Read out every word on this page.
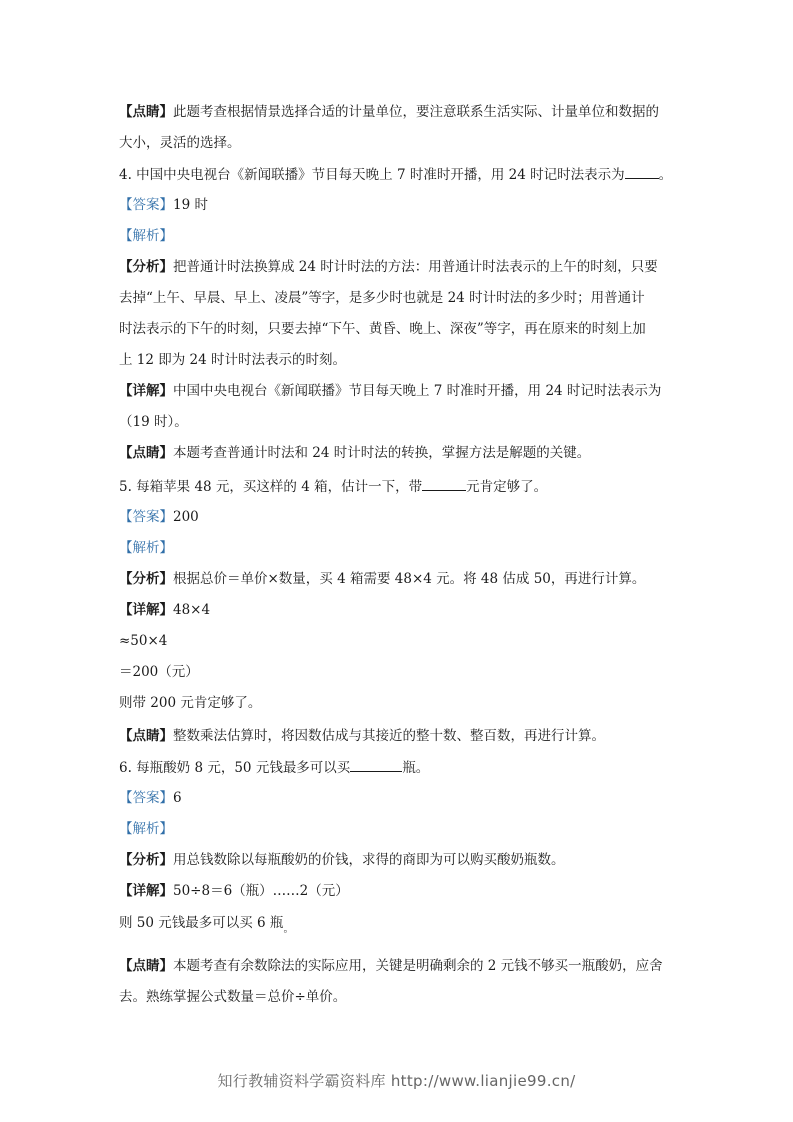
【点睛】此题考查根据情景选择合适的计量单位，要注意联系生活实际、计量单位和数据的
大小，灵活的选择。
4. 中国中央电视台《新闻联播》节目每天晚上 7 时准时开播，用 24 时记时法表示为	。
【答案】19 时
【解析】
【分析】把普通计时法换算成 24 时计时法的方法：用普通计时法表示的上午的时刻，只要
去掉“上午、早晨、早上、凌晨”等字，是多少时也就是 24 时计时法的多少时；用普通计
时法表示的下午的时刻，只要去掉“下午、黄昏、晚上、深夜”等字，再在原来的时刻上加
上 12 即为 24 时计时法表示的时刻。
【详解】中国中央电视台《新闻联播》节目每天晚上 7 时准时开播，用 24 时记时法表示为
（19 时）。
【点睛】本题考查普通计时法和 24 时计时法的转换，掌握方法是解题的关键。
5. 每箱苹果 48 元，买这样的 4 箱，估计一下，带	元肯定够了。
【答案】200
【解析】
【分析】根据总价＝单价×数量，买 4 箱需要 48×4 元。将 48 估成 50，再进行计算。
【详解】48×4
≈50×4
＝200（元）
则带 200 元肯定够了。
【点睛】整数乘法估算时，将因数估成与其接近的整十数、整百数，再进行计算。
6. 每瓶酸奶 8 元，50 元钱最多可以买	瓶。
【答案】6
【解析】
【分析】用总钱数除以每瓶酸奶的价钱，求得的商即为可以购买酸奶瓶数。
【详解】50÷8＝6（瓶）……2（元）
则 50 元钱最多可以买 6 瓶$_。$
【点睛】本题考查有余数除法的实际应用，关键是明确剩余的 2 元钱不够买一瓶酸奶，应舍
去。熟练掌握公式数量＝总价÷单价。
知行教辅资料学霸资料库 http://www.lianjie99.cn/
